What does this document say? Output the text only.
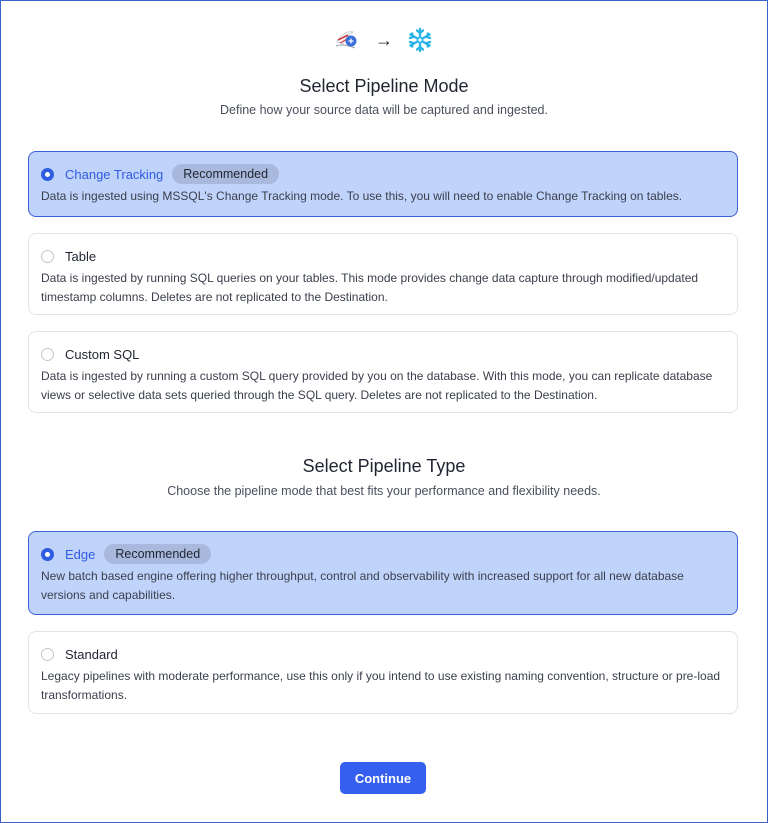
→
Select Pipeline Mode

Define how your source data will be captured and ingested.

Change Tracking	Recommended

Data is ingested using MSSQL's Change Tracking mode. To use this, you will need to enable Change Tracking on tables.

Table

Data is ingested by running SQL queries on your tables. This mode provides change data capture through modified/updated timestamp columns. Deletes are not replicated to the Destination.

Custom SQL

Data is ingested by running a custom SQL query provided by you on the database. With this mode, you can replicate database views or selective data sets queried through the SQL query. Deletes are not replicated to the Destination.

Select Pipeline Type

Choose the pipeline mode that best fits your performance and flexibility needs.

Edge	Recommended

New batch based engine offering higher throughput, control and observability with increased support for all new database versions and capabilities.

Standard

Legacy pipelines with moderate performance, use this only if you intend to use existing naming convention, structure or pre-load transformations.

Continue
